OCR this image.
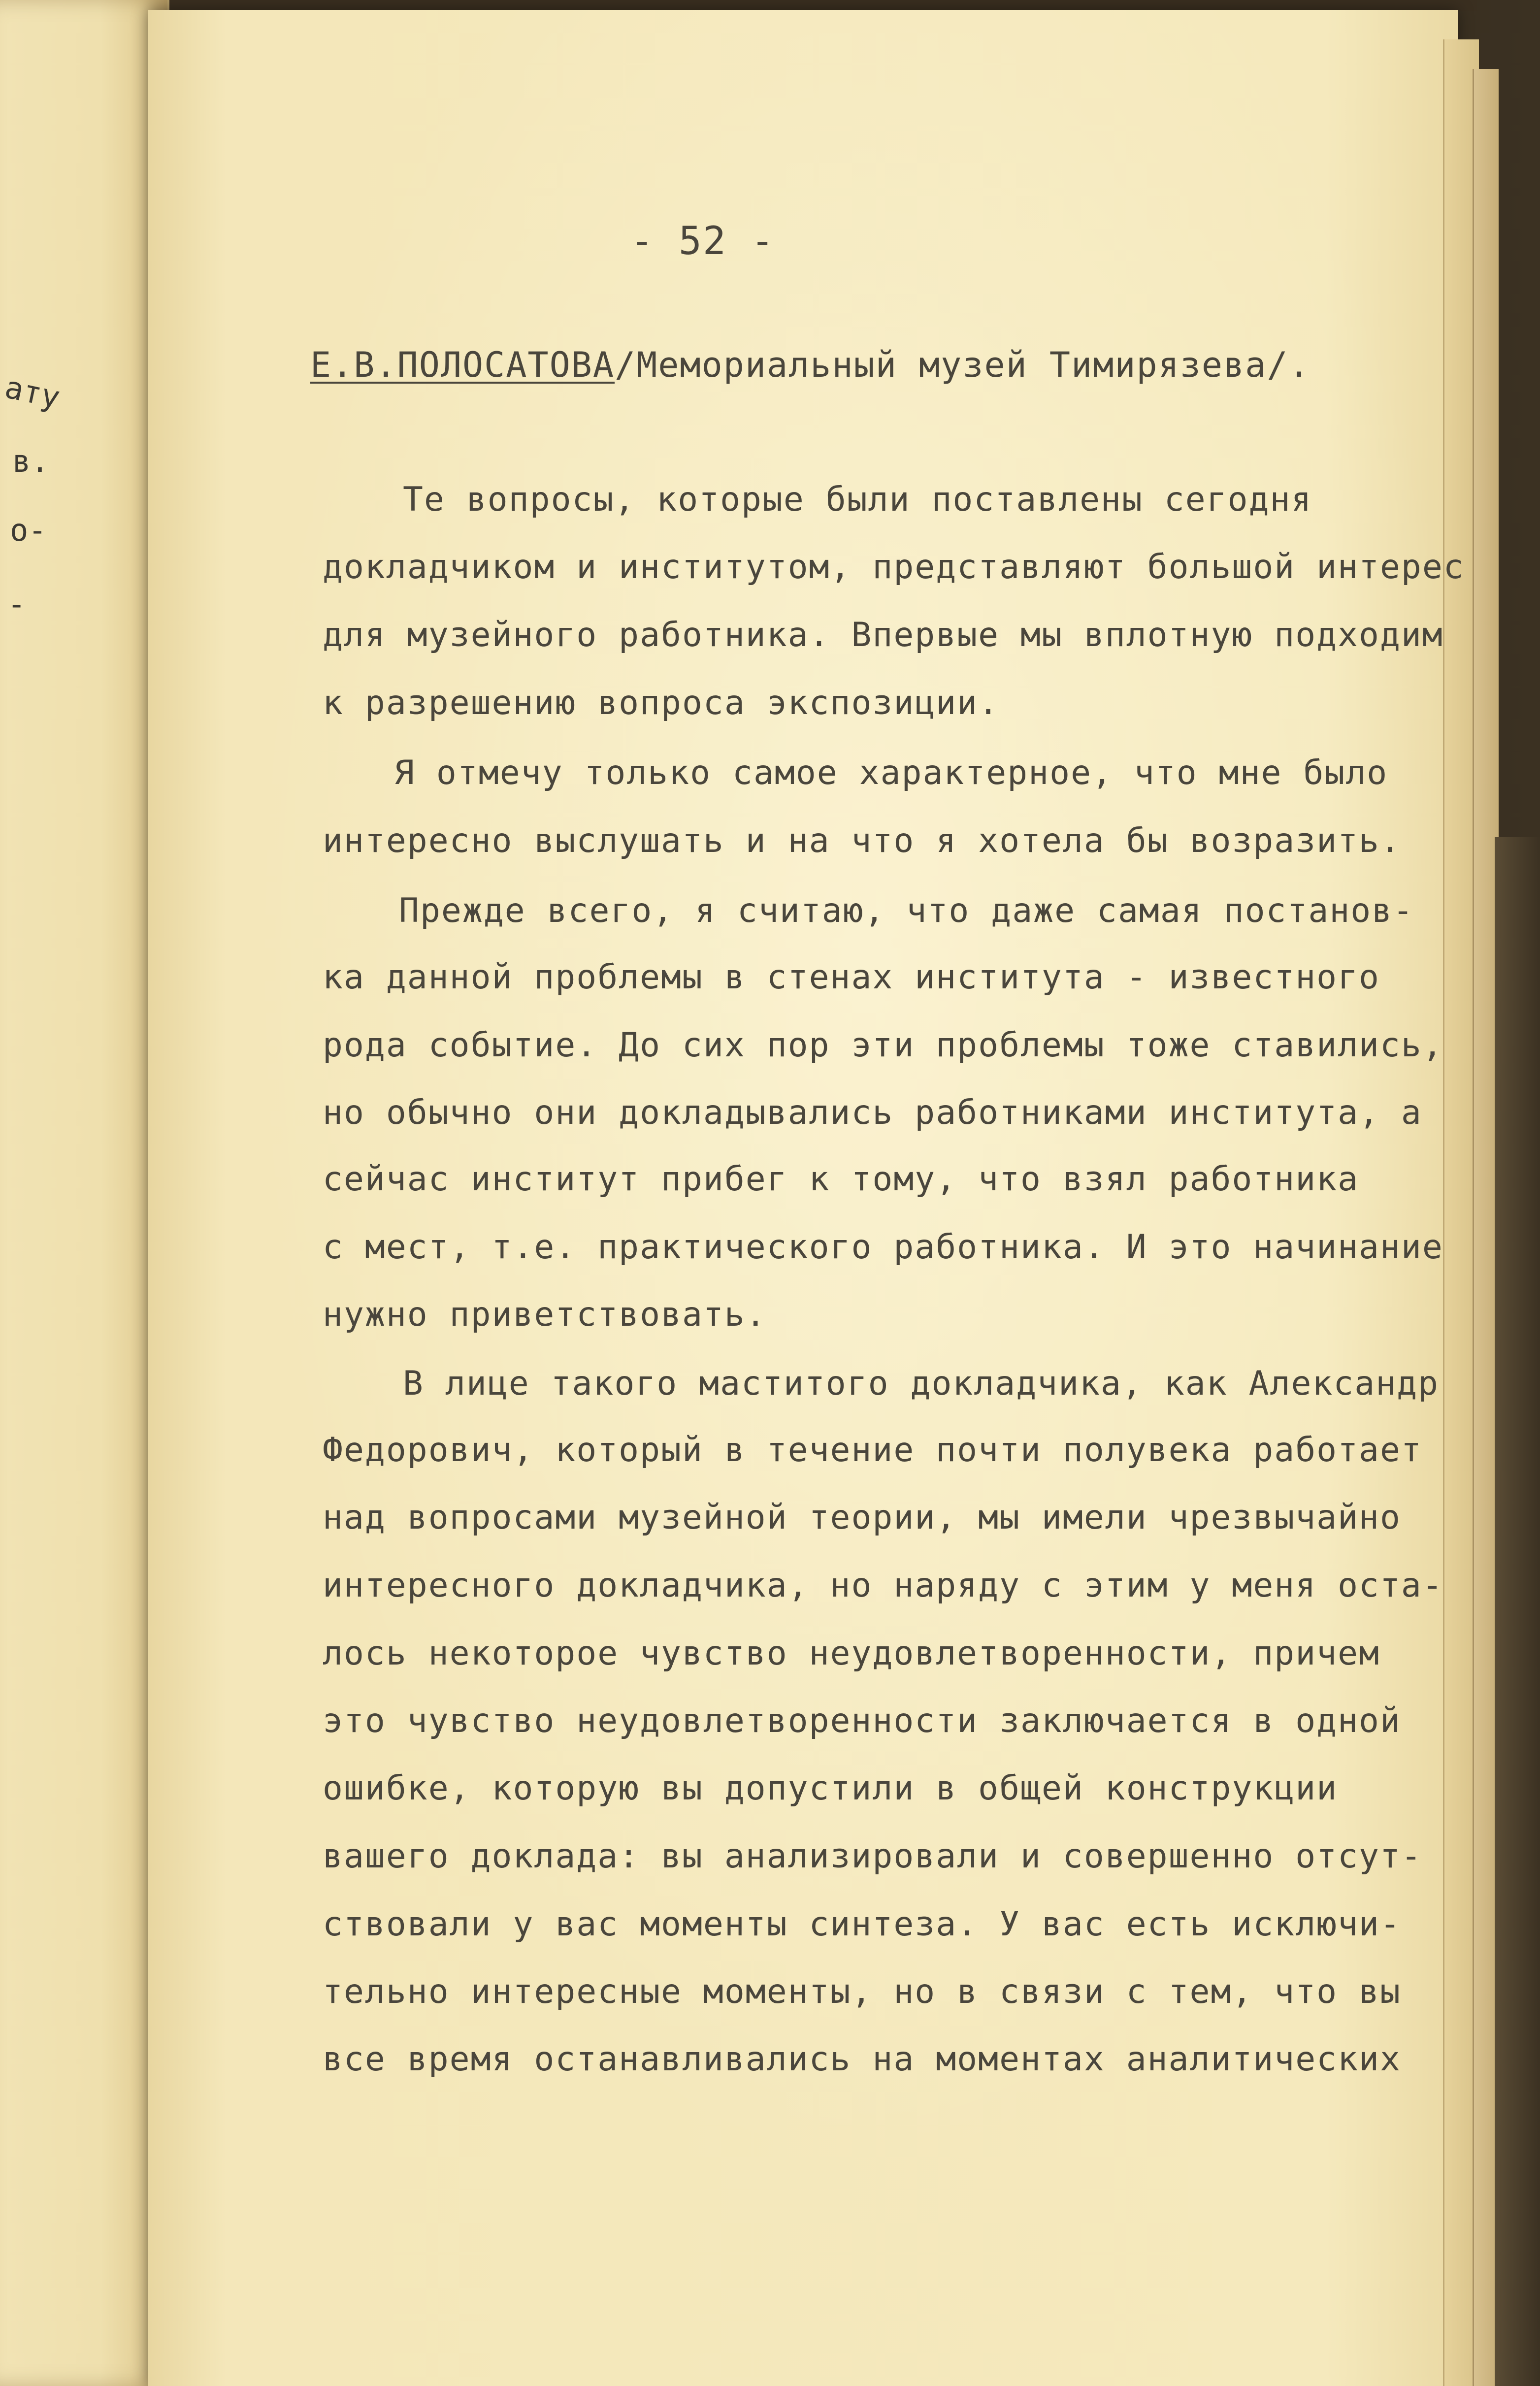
ату
в.
о-
-
- 52 -
Е.В.ПОЛОСАТОВА/Мемориальный музей Тимирязева/.
Те вопросы, которые были поставлены сегодня
докладчиком и институтом, представляют большой интерес
для музейного работника. Впервые мы вплотную подходим
к разрешению вопроса экспозиции.
Я отмечу только самое характерное, что мне было
интересно выслушать и на что я хотела бы возразить.
Прежде всего, я считаю, что даже самая постанов-
ка данной проблемы в стенах института - известного
рода событие. До сих пор эти проблемы тоже ставились,
но обычно они докладывались работниками института, а
сейчас институт прибег к тому, что взял работника
с мест, т.е. практического работника. И это начинание
нужно приветствовать.
В лице такого маститого докладчика, как Александр
Федорович, который в течение почти полувека работает
над вопросами музейной теории, мы имели чрезвычайно
интересного докладчика, но наряду с этим у меня оста-
лось некоторое чувство неудовлетворенности, причем
это чувство неудовлетворенности заключается в одной
ошибке, которую вы допустили в общей конструкции
вашего доклада: вы анализировали и совершенно отсут-
ствовали у вас моменты синтеза. У вас есть исключи-
тельно интересные моменты, но в связи с тем, что вы
все время останавливались на моментах аналитических
